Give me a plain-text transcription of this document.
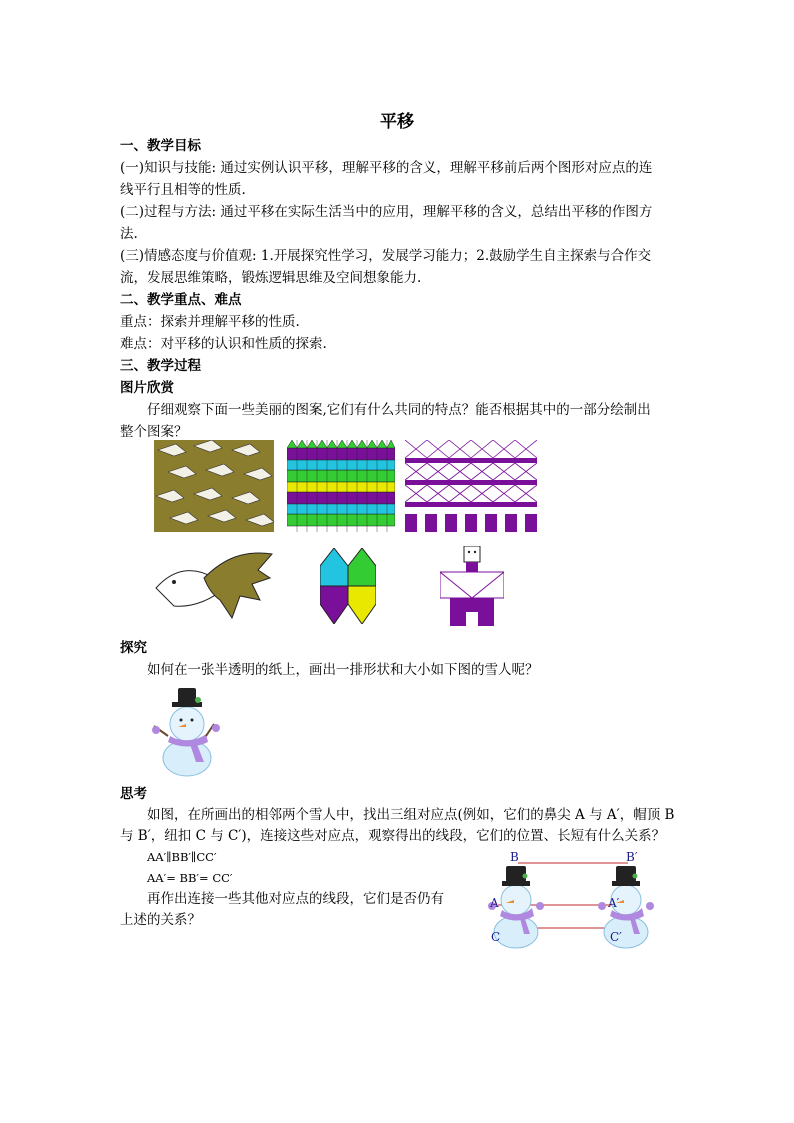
平移
一、教学目标
(一)知识与技能: 通过实例认识平移，理解平移的含义，理解平移前后两个图形对应点的连
线平行且相等的性质.
(二)过程与方法: 通过平移在实际生活当中的应用，理解平移的含义，总结出平移的作图方
法.
(三)情感态度与价值观: 1.开展探究性学习，发展学习能力；2.鼓励学生自主探索与合作交
流，发展思维策略，锻炼逻辑思维及空间想象能力.
二、教学重点、难点
重点：探索并理解平移的性质.
难点：对平移的认识和性质的探索.
三、教学过程
图片欣赏
仔细观察下面一些美丽的图案,它们有什么共同的特点？能否根据其中的一部分绘制出
整个图案？
探究
如何在一张半透明的纸上，画出一排形状和大小如下图的雪人呢？
思考
如图，在所画出的相邻两个雪人中，找出三组对应点(例如，它们的鼻尖 A 与 A′，帽顶 B
与 B′，纽扣 C 与 C′)，连接这些对应点，观察得出的线段，它们的位置、长短有什么关系？
AA′∥BB′∥CC′
AA′= BB′= CC′
再作出连接一些其他对应点的线段，它们是否仍有
上述的关系？
B	B′
A	A′
C	C′
